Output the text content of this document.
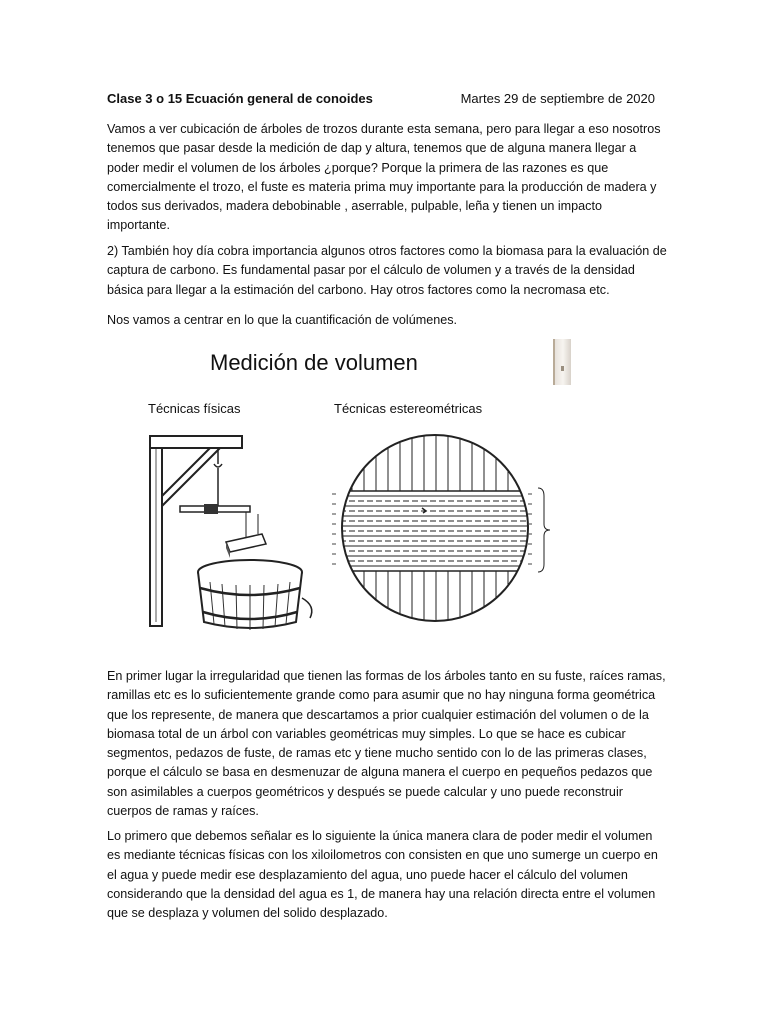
Clase 3 o 15 Ecuación general de conoides	Martes 29 de septiembre de 2020

Vamos a ver cubicación de árboles de trozos durante esta semana, pero para llegar a eso nosotros tenemos que pasar desde la medición de dap y altura, tenemos que de alguna manera llegar a poder medir el volumen de los árboles ¿porque? Porque la primera de las razones es que comercialmente el trozo, el fuste es materia prima muy importante para la producción de madera y todos sus derivados, madera debobinable , aserrable, pulpable, leña y tienen un impacto importante.

2) También hoy día cobra importancia algunos otros factores como la biomasa para la evaluación de captura de carbono. Es fundamental pasar por el cálculo de volumen y a través de la densidad básica para llegar a la estimación del carbono. Hay otros factores como la necromasa etc.

Nos vamos a centrar en lo que la cuantificación de volúmenes.

Medición de volumen
Técnicas físicas	Técnicas estereométricas

En primer lugar la irregularidad que tienen las formas de los árboles tanto en su fuste, raíces ramas, ramillas etc es lo suficientemente grande como para asumir que no hay ninguna forma geométrica que los represente, de manera que descartamos a prior cualquier estimación del volumen o de la biomasa total de un árbol con variables geométricas muy simples. Lo que se hace es cubicar segmentos, pedazos de fuste, de ramas etc y tiene mucho sentido con lo de las primeras clases, porque el cálculo se basa en desmenuzar de alguna manera el cuerpo en pequeños pedazos que son asimilables a cuerpos geométricos y después se puede calcular y uno puede reconstruir cuerpos de ramas y raíces.

Lo primero que debemos señalar es lo siguiente la única manera clara de poder medir el volumen es mediante técnicas físicas con los xiloilometros con consisten en que uno sumerge un cuerpo en el agua y puede medir ese desplazamiento del agua, uno puede hacer el cálculo del volumen considerando que la densidad del agua es 1, de manera hay una relación directa entre el volumen que se desplaza y volumen del solido desplazado.
